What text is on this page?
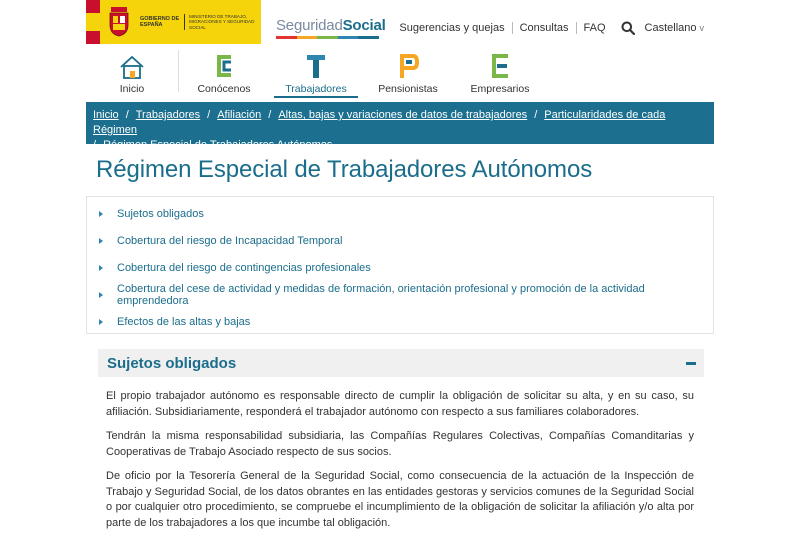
GOBIERNO DE ESPAÑA
MINISTERIO DE TRABAJO, MIGRACIONES Y SEGURIDAD SOCIAL	SeguridadSocial	Sugerencias y quejas	Consultas	FAQ	Castellano v
Inicio	Conócenos	Trabajadores	Pensionistas	Empresarios
Inicio / Trabajadores / Afiliación / Altas, bajas y variaciones de datos de trabajadores / Particularidades de cada Régimen
/ Régimen Especial de Trabajadores Autónomos
Régimen Especial de Trabajadores Autónomos
Sujetos obligados
Cobertura del riesgo de Incapacidad Temporal
Cobertura del riesgo de contingencias profesionales
Cobertura del cese de actividad y medidas de formación, orientación profesional y promoción de la actividad emprendedora
Efectos de las altas y bajas
Sujetos obligados

El propio trabajador autónomo es responsable directo de cumplir la obligación de solicitar su alta, y en su caso, su afiliación. Subsidiariamente, responderá el trabajador autónomo con respecto a sus familiares colaboradores.

Tendrán la misma responsabilidad subsidiaria, las Compañías Regulares Colectivas, Compañías Comanditarias y Cooperativas de Trabajo Asociado respecto de sus socios.

De oficio por la Tesorería General de la Seguridad Social, como consecuencia de la actuación de la Inspección de Trabajo y Seguridad Social, de los datos obrantes en las entidades gestoras y servicios comunes de la Seguridad Social o por cualquier otro procedimiento, se compruebe el incumplimiento de la obligación de solicitar la afiliación y/o alta por parte de los trabajadores a los que incumbe tal obligación.
